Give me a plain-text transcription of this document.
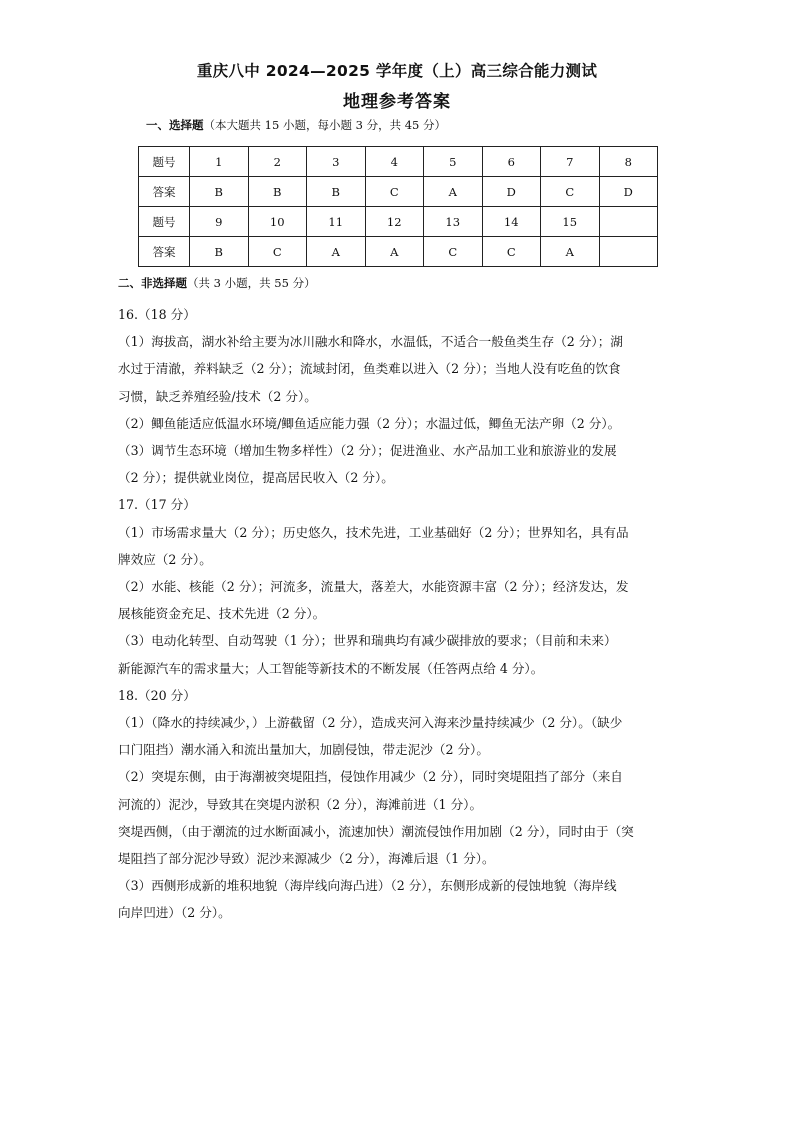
重庆八中 2024—2025 学年度（上）高三综合能力测试
地理参考答案
一、选择题（本大题共 15 小题，每小题 3 分，共 45 分）
题号	1	2	3	4	5	6	7	8
答案	B	B	B	C	A	D	C	D
题号	9	10	11	12	13	14	15	
答案	B	C	A	A	C	C	A	
二、非选择题（共 3 小题，共 55 分）

16.（18 分）

（1）海拔高，湖水补给主要为冰川融水和降水，水温低，不适合一般鱼类生存（2 分）；湖

水过于清澈，养料缺乏（2 分）；流域封闭，鱼类难以进入（2 分）；当地人没有吃鱼的饮食

习惯，缺乏养殖经验/技术（2 分）。

（2）鲫鱼能适应低温水环境/鲫鱼适应能力强（2 分）；水温过低，鲫鱼无法产卵（2 分）。

（3）调节生态环境（增加生物多样性）（2 分）；促进渔业、水产品加工业和旅游业的发展

（2 分）；提供就业岗位，提高居民收入（2 分）。

17.（17 分）

（1）市场需求量大（2 分）；历史悠久，技术先进，工业基础好（2 分）；世界知名，具有品

牌效应（2 分）。

（2）水能、核能（2 分）；河流多，流量大，落差大，水能资源丰富（2 分）；经济发达，发

展核能资金充足、技术先进（2 分）。

（3）电动化转型、自动驾驶（1 分）；世界和瑞典均有减少碳排放的要求；（目前和未来）

新能源汽车的需求量大；人工智能等新技术的不断发展（任答两点给 4 分）。

18.（20 分）

（1）（降水的持续减少，）上游截留（2 分），造成夹河入海来沙量持续减少（2 分）。（缺少

口门阻挡）潮水涌入和流出量加大，加剧侵蚀，带走泥沙（2 分）。

（2）突堤东侧，由于海潮被突堤阻挡，侵蚀作用减少（2 分），同时突堤阻挡了部分（来自

河流的）泥沙，导致其在突堤内淤积（2 分），海滩前进（1 分）。

突堤西侧，（由于潮流的过水断面减小，流速加快）潮流侵蚀作用加剧（2 分），同时由于（突

堤阻挡了部分泥沙导致）泥沙来源减少（2 分），海滩后退（1 分）。

（3）西侧形成新的堆积地貌（海岸线向海凸进）（2 分），东侧形成新的侵蚀地貌（海岸线

向岸凹进）（2 分）。
